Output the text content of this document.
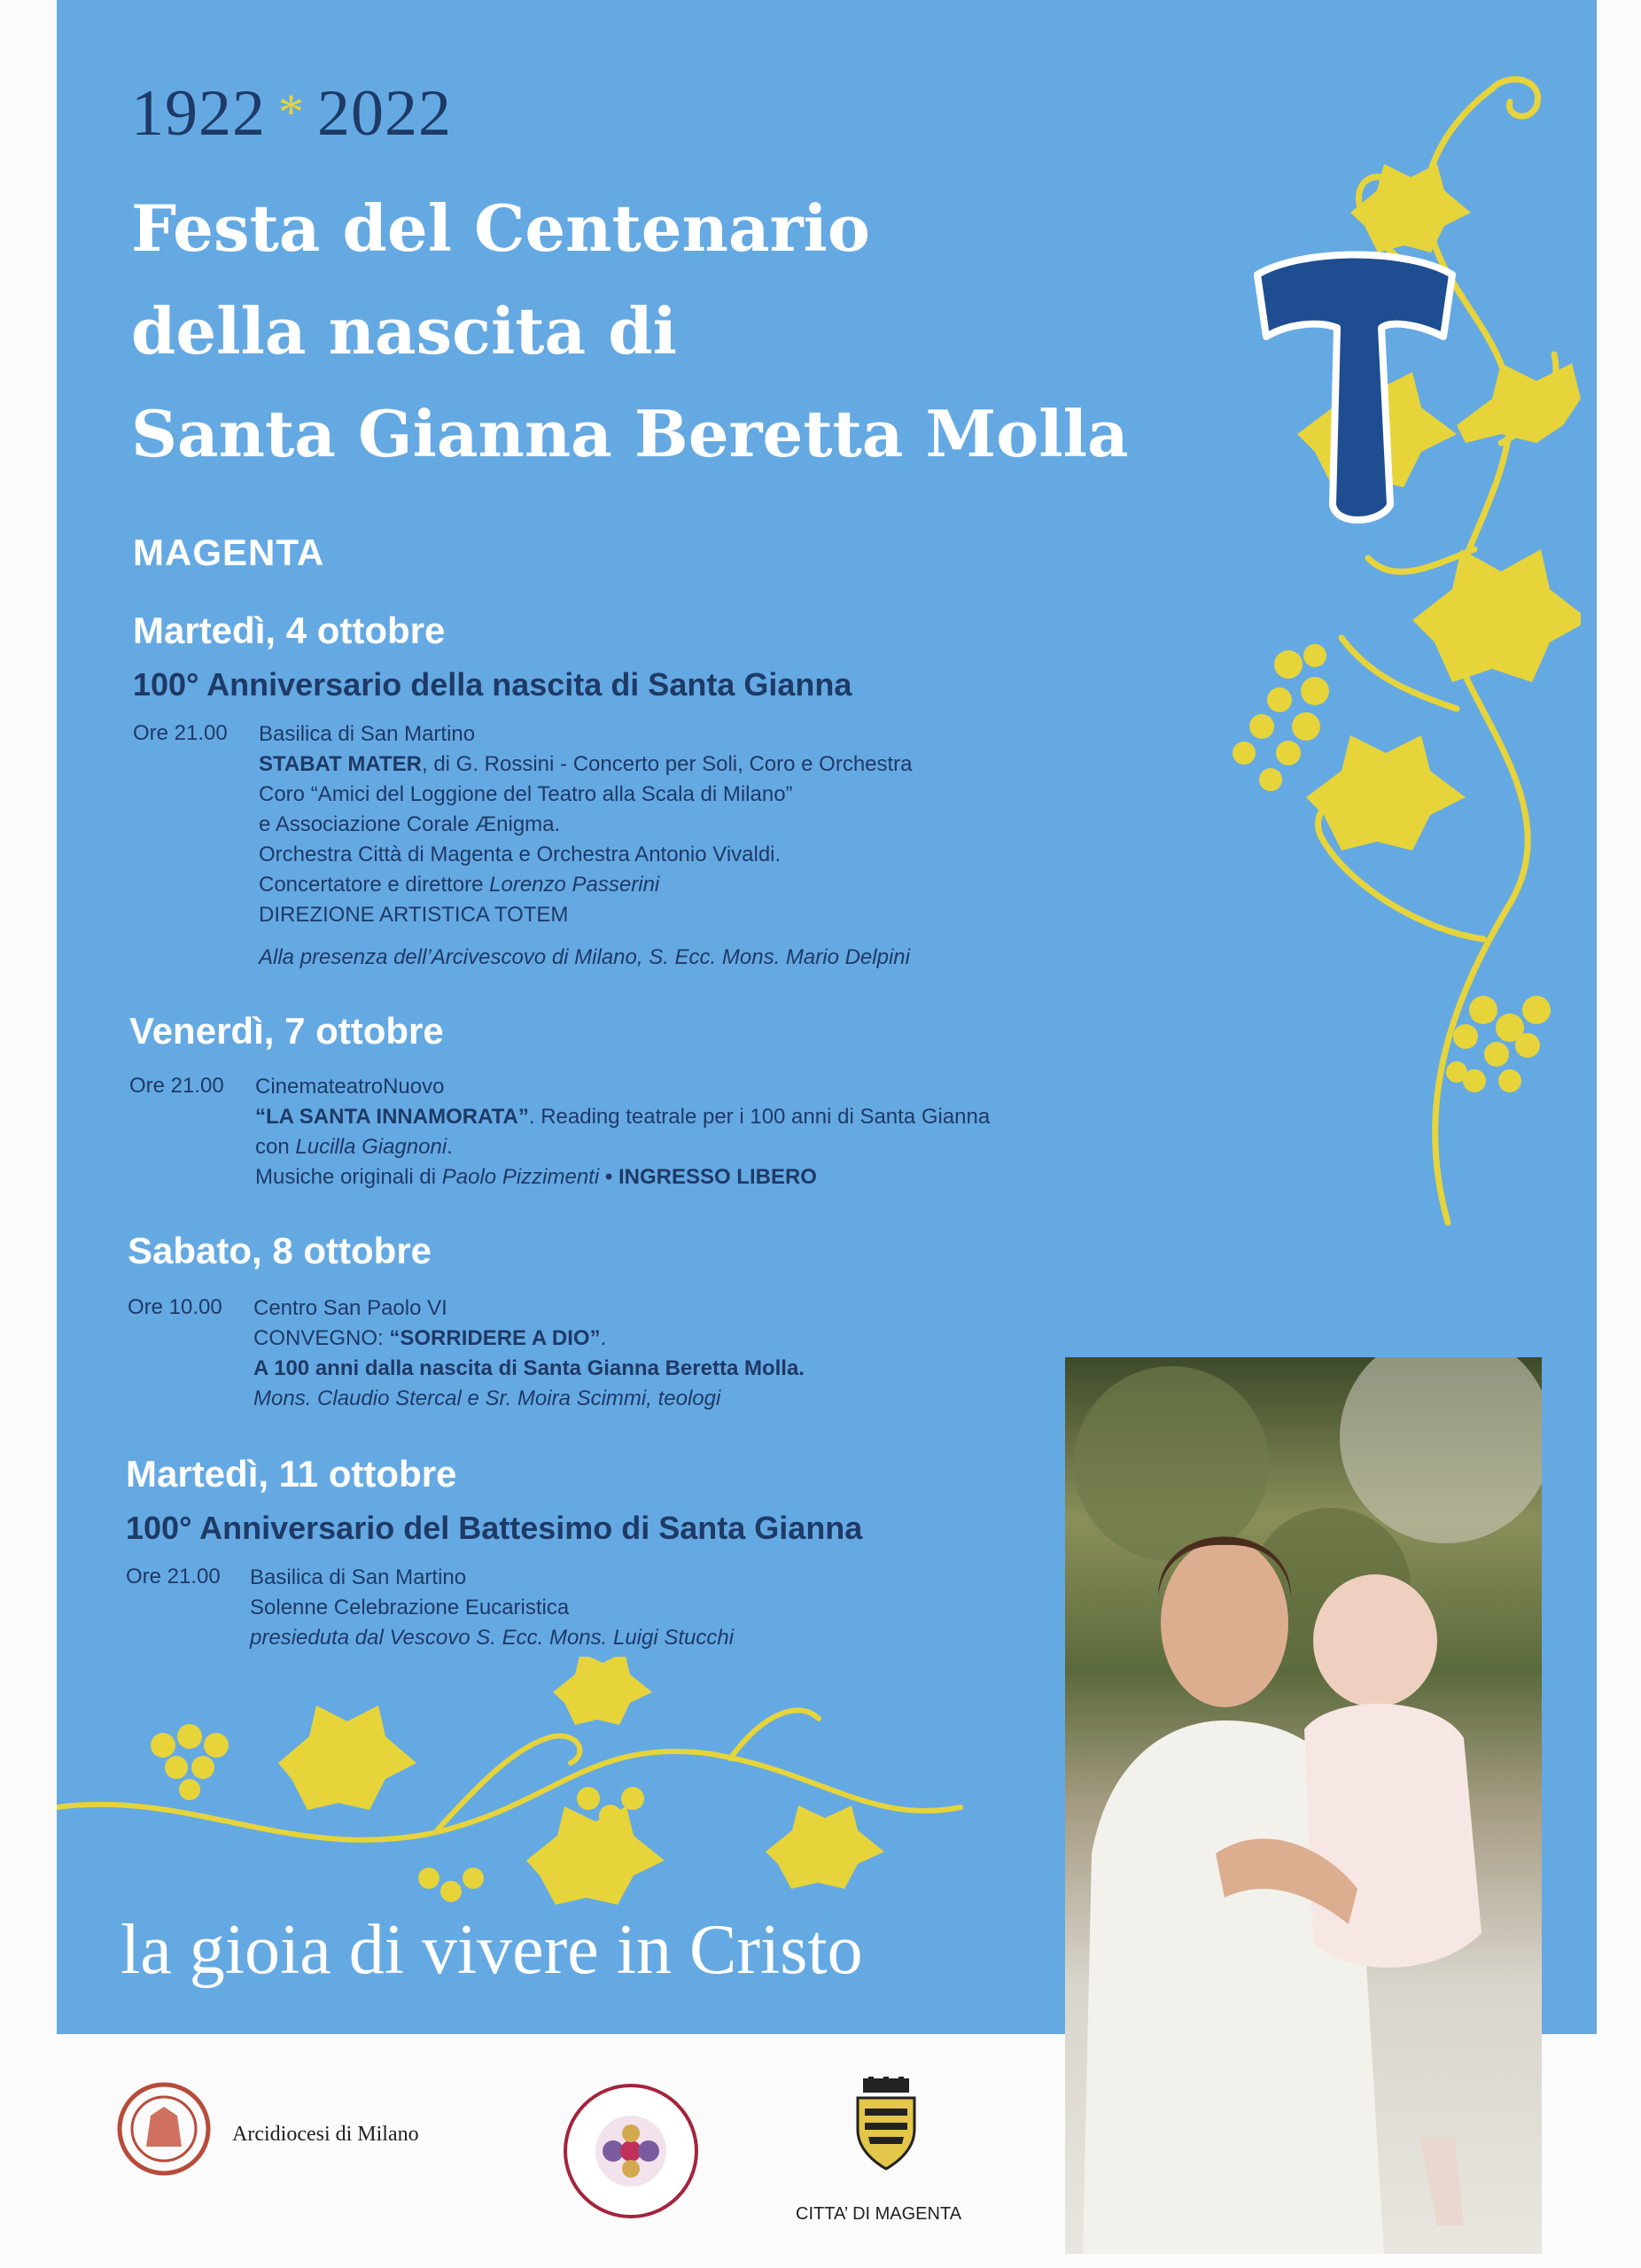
1922 * 2022
Festa del Centenario
della nascita di
Santa Gianna Beretta Molla
MAGENTA
Martedì, 4 ottobre
100° Anniversario della nascita di Santa Gianna
Ore 21.00 Basilica di San Martino
STABAT MATER, di G. Rossini - Concerto per Soli, Coro e Orchestra
Coro “Amici del Loggione del Teatro alla Scala di Milano”
e Associazione Corale Ænigma.
Orchestra Città di Magenta e Orchestra Antonio Vivaldi.
Concertatore e direttore Lorenzo Passerini
DIREZIONE ARTISTICA TOTEM
Alla presenza dell’Arcivescovo di Milano, S. Ecc. Mons. Mario Delpini
Venerdì, 7 ottobre
Ore 21.00 CinemateatroNuovo
“LA SANTA INNAMORATA”. Reading teatrale per i 100 anni di Santa Gianna
con Lucilla Giagnoni.
Musiche originali di Paolo Pizzimenti • INGRESSO LIBERO
Sabato, 8 ottobre
Ore 10.00 Centro San Paolo VI
CONVEGNO: “SORRIDERE A DIO”.
A 100 anni dalla nascita di Santa Gianna Beretta Molla.
Mons. Claudio Stercal e Sr. Moira Scimmi, teologi
Martedì, 11 ottobre
100° Anniversario del Battesimo di Santa Gianna
Ore 21.00 Basilica di San Martino
Solenne Celebrazione Eucaristica
presieduta dal Vescovo S. Ecc. Mons. Luigi Stucchi
la gioia di vivere in Cristo
Arcidiocesi di Milano
CITTA’ DI MAGENTA
